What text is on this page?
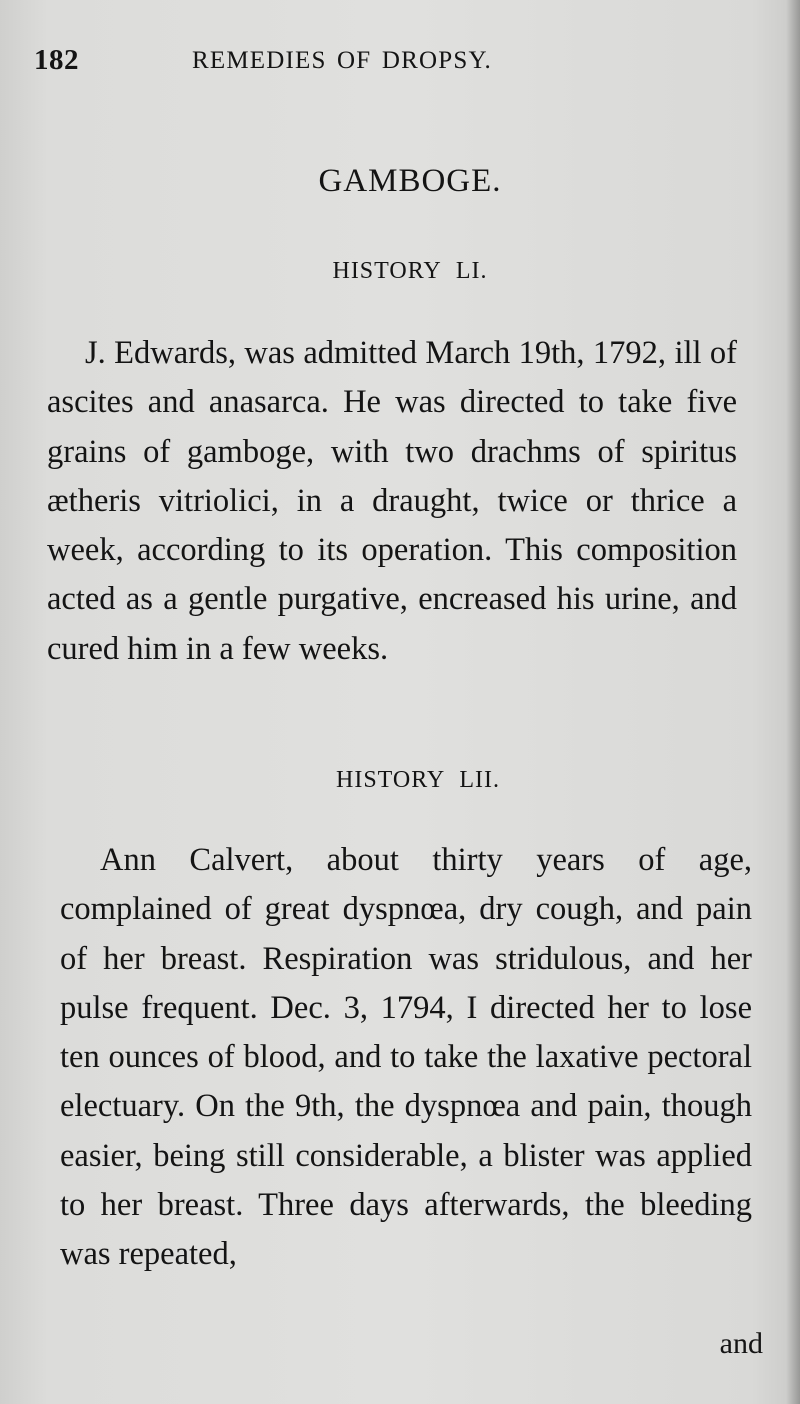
182	REMEDIES OF DROPSY.
GAMBOGE.
HISTORY LI.

J. Edwards, was admitted March 19th, 1792, ill of ascites and anasarca. He was directed to take five grains of gamboge, with two drachms of spiritus ætheris vitriolici, in a draught, twice or thrice a week, according to its operation. This composition acted as a gentle purgative, encreased his urine, and cured him in a few weeks.

HISTORY LII.

Ann Calvert, about thirty years of age, complained of great dyspnœa, dry cough, and pain of her breast. Respiration was stridulous, and her pulse frequent. Dec. 3, 1794, I directed her to lose ten ounces of blood, and to take the laxative pectoral electuary. On the 9th, the dyspnœa and pain, though easier, being still considerable, a blister was applied to her breast. Three days afterwards, the bleeding was repeated,

and
